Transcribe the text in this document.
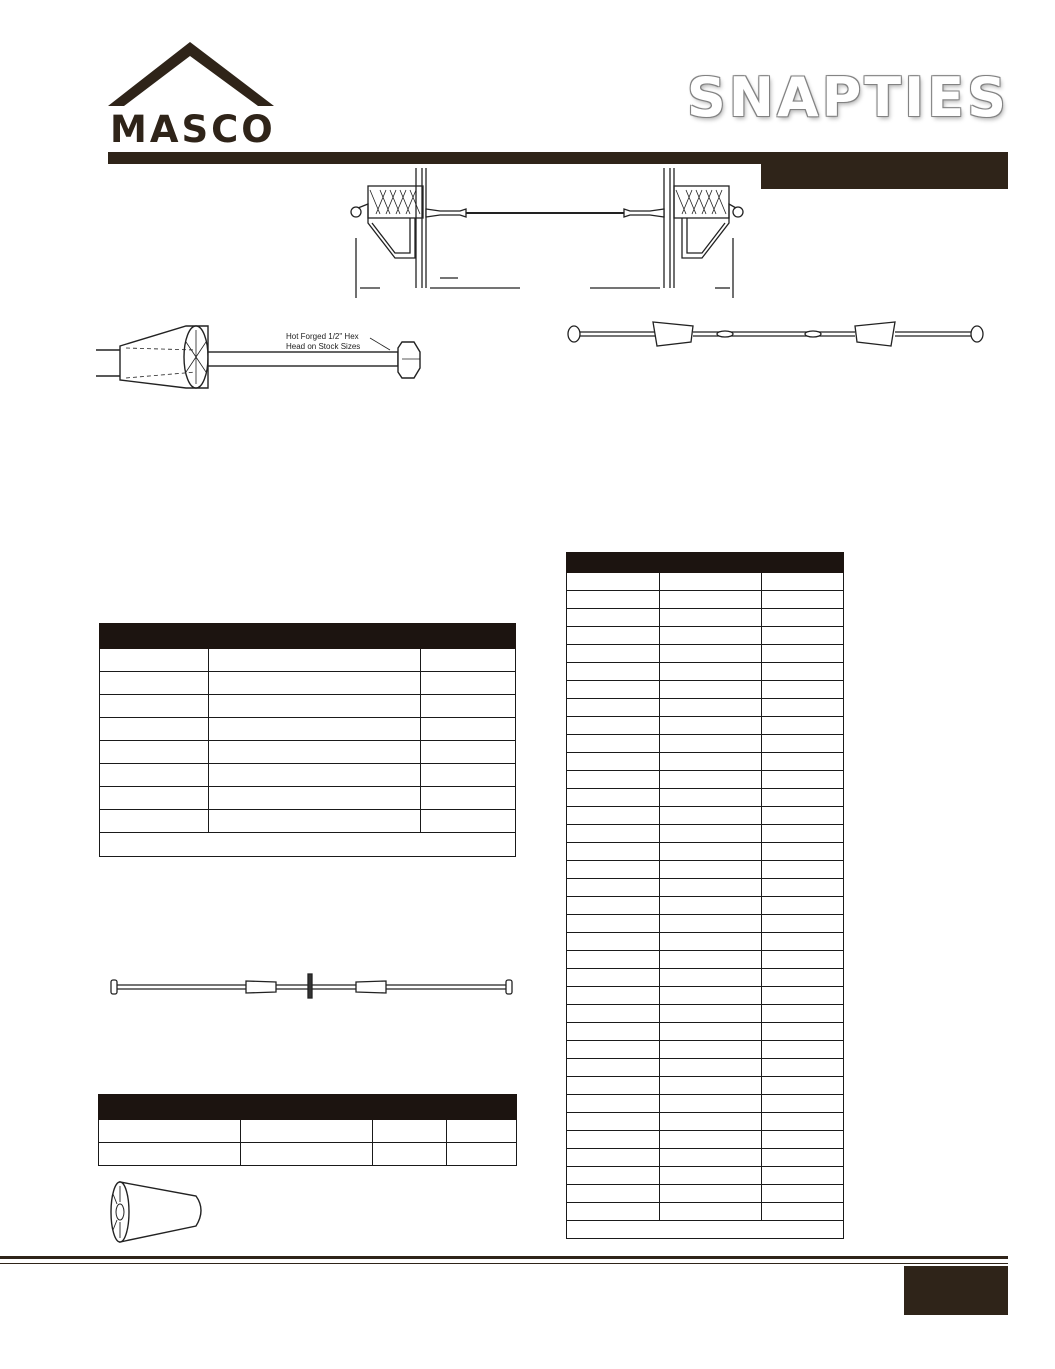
MASCO
SNAPTIES
Hot Forged 1/2" Hex
Head on Stock Sizes
